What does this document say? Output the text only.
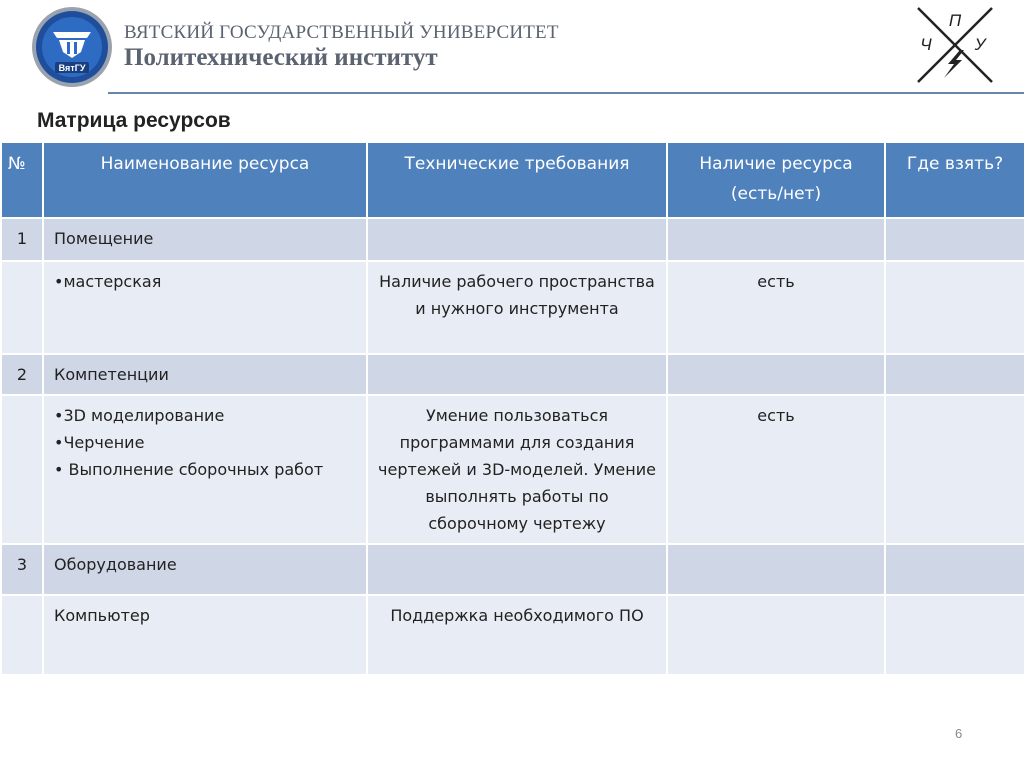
ВятГУ
ВЯТСКИЙ ГОСУДАРСТВЕННЫЙ УНИВЕРСИТЕТ
Политехнический институт
П
Ч	У
Матрица ресурсов
№	Наименование ресурса	Технические требования	Наличие ресурса (есть/нет)	Где взять?
1	Помещение			
	•мастерская	Наличие рабочего пространства и нужного инструмента	есть	
2	Компетенции			

	•3D моделирование
•Черчение
• Выполнение сборочных работ	Умение пользоваться программами для создания чертежей и 3D-моделей. Умение выполнять работы по сборочному чертежу	есть	
3	Оборудование			
	Компьютер	Поддержка необходимого ПО		
6
